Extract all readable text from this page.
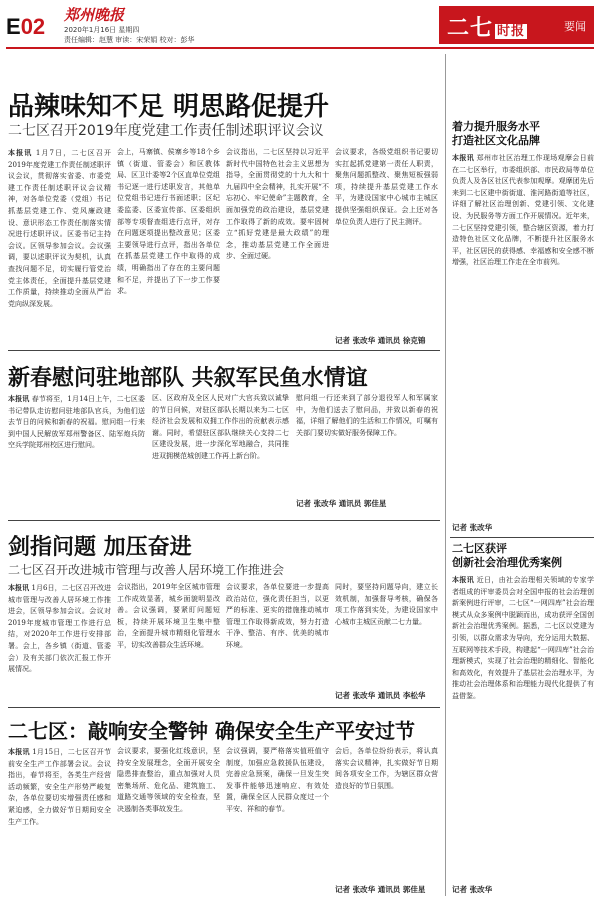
E02 郑州晚报
2020年1月16日 星期四
责任编辑：赵慧 审读：宋荣娟 校对：彭华	二七 时报	要闻
品辣味知不足 明思路促提升
二七区召开2019年度党建工作责任制述职评议会议
本报讯 1月7日，二七区召开2019年度党建工作责任制述职评议会议，贯彻落实省委、市委党建工作责任制述职评议会议精神，对各单位党委（党组）书记抓基层党建工作、党风廉政建设、意识形态工作责任制落实情况进行述职评议。区委书记主持会议。区领导参加会议。会议强调，要以述职评议为契机，认真查找问题不足，切实履行管党治党主体责任，全面提升基层党建工作质量，持续推动全面从严治党向纵深发展。
会上，马寨镇、侯寨乡等18个乡镇（街道、管委会）和区教体局、区卫计委等2个区直单位党组书记逐一进行述职发言，其他单位党组书记进行书面述职；区纪委监委、区委宣传部、区委组织部等专项督查组进行点评，对存在问题逐项提出整改意见；区委主要领导进行点评，指出各单位在抓基层党建工作中取得的成绩，明确指出了存在的主要问题和不足，并提出了下一步工作要求。
会议指出，二七区坚持以习近平新时代中国特色社会主义思想为指导，全面贯彻党的十九大和十九届四中全会精神，扎实开展“不忘初心、牢记使命”主题教育，全面加强党的政治建设，基层党建工作取得了新的成效。要牢固树立“抓好党建是最大政绩”的理念，推动基层党建工作全面进步、全面过硬。
会议要求，各级党组织书记要切实扛起抓党建第一责任人职责，聚焦问题抓整改、聚焦短板强弱项，持续提升基层党建工作水平，为建设国家中心城市主城区提供坚强组织保证。会上还对各单位负责人进行了民主测评。
记者 张改华 通讯员 徐克锦
新春慰问驻地部队 共叙军民鱼水情谊
本报讯 春节将至，1月14日上午，二七区委书记带队走访慰问驻地部队官兵，为他们送去节日的问候和新春的祝福。慰问组一行来到中国人民解放军郑州警备区、陆军炮兵防空兵学院郑州校区进行慰问。
区、区政府及全区人民对广大官兵致以诚挚的节日问候，对驻区部队长期以来为二七区经济社会发展和双拥工作作出的贡献表示感谢。同时，希望驻区部队继续关心支持二七区建设发展，进一步深化军地融合，共同推进双拥模范城创建工作再上新台阶。
慰问组一行还来到了部分退役军人和军属家中，为他们送去了慰问品，并致以新春的祝福，详细了解他们的生活和工作情况，叮嘱有关部门要切实做好服务保障工作。
记者 张改华 通讯员 郭佳星
剑指问题 加压奋进
二七区召开改进城市管理与改善人居环境工作推进会
本报讯 1月6日，二七区召开改进城市管理与改善人居环境工作推进会，区领导参加会议。会议对2019年度城市管理工作进行总结，对2020年工作进行安排部署。会上，各乡镇（街道、管委会）及有关部门依次汇报工作开展情况。
会议指出，2019年全区城市管理工作成效显著，城乡面貌明显改善。会议强调，要紧盯问题短板，持续开展环境卫生集中整治，全面提升城市精细化管理水平，切实改善群众生活环境。
会议要求，各单位要进一步提高政治站位，强化责任担当，以更严的标准、更实的措施推动城市管理工作取得新成效，努力打造干净、整洁、有序、优美的城市环境。
同时，要坚持问题导向，建立长效机制，加强督导考核，确保各项工作落到实处，为建设国家中心城市主城区贡献二七力量。
记者 张改华 通讯员 李松华
二七区：敲响安全警钟 确保安全生产平安过节
本报讯 1月15日，二七区召开节前安全生产工作部署会议。会议指出，春节将至，各类生产经营活动频繁，安全生产形势严峻复杂，各单位要切实增强责任感和紧迫感，全力做好节日期间安全生产工作。
会议要求，要强化红线意识，坚持安全发展理念，全面开展安全隐患排查整治，重点加强对人员密集场所、危化品、建筑施工、道路交通等领域的安全检查，坚决遏制各类事故发生。
会议强调，要严格落实值班值守制度，加强应急救援队伍建设，完善应急预案，确保一旦发生突发事件能够迅速响应、有效处置，确保全区人民群众度过一个平安、祥和的春节。
会后，各单位纷纷表示，将认真落实会议精神，扎实做好节日期间各项安全工作，为辖区群众营造良好的节日氛围。
记者 张改华 通讯员 郭佳星
着力提升服务水平
打造社区文化品牌
本报讯 郑州市社区治理工作现场观摩会日前在二七区举行，市委组织部、市民政局等单位负责人及各区社区代表参加观摩。观摩团先后来到二七区建中街街道、淮河路街道等社区，详细了解社区治理创新、党建引领、文化建设、为民服务等方面工作开展情况。近年来，二七区坚持党建引领，整合辖区资源，着力打造特色社区文化品牌，不断提升社区服务水平，社区居民的获得感、幸福感和安全感不断增强，社区治理工作走在全市前列。
记者 张改华
二七区获评
创新社会治理优秀案例
本报讯 近日，由社会治理相关领域的专家学者组成的评审委员会对全国申报的社会治理创新案例进行评审，二七区“一网四库”社会治理模式从众多案例中脱颖而出，成功获评全国创新社会治理优秀案例。据悉，二七区以党建为引领，以群众需求为导向，充分运用大数据、互联网等技术手段，构建起“一网四库”社会治理新模式，实现了社会治理的精细化、智能化和高效化，有效提升了基层社会治理水平，为推动社会治理体系和治理能力现代化提供了有益借鉴。
记者 张改华
